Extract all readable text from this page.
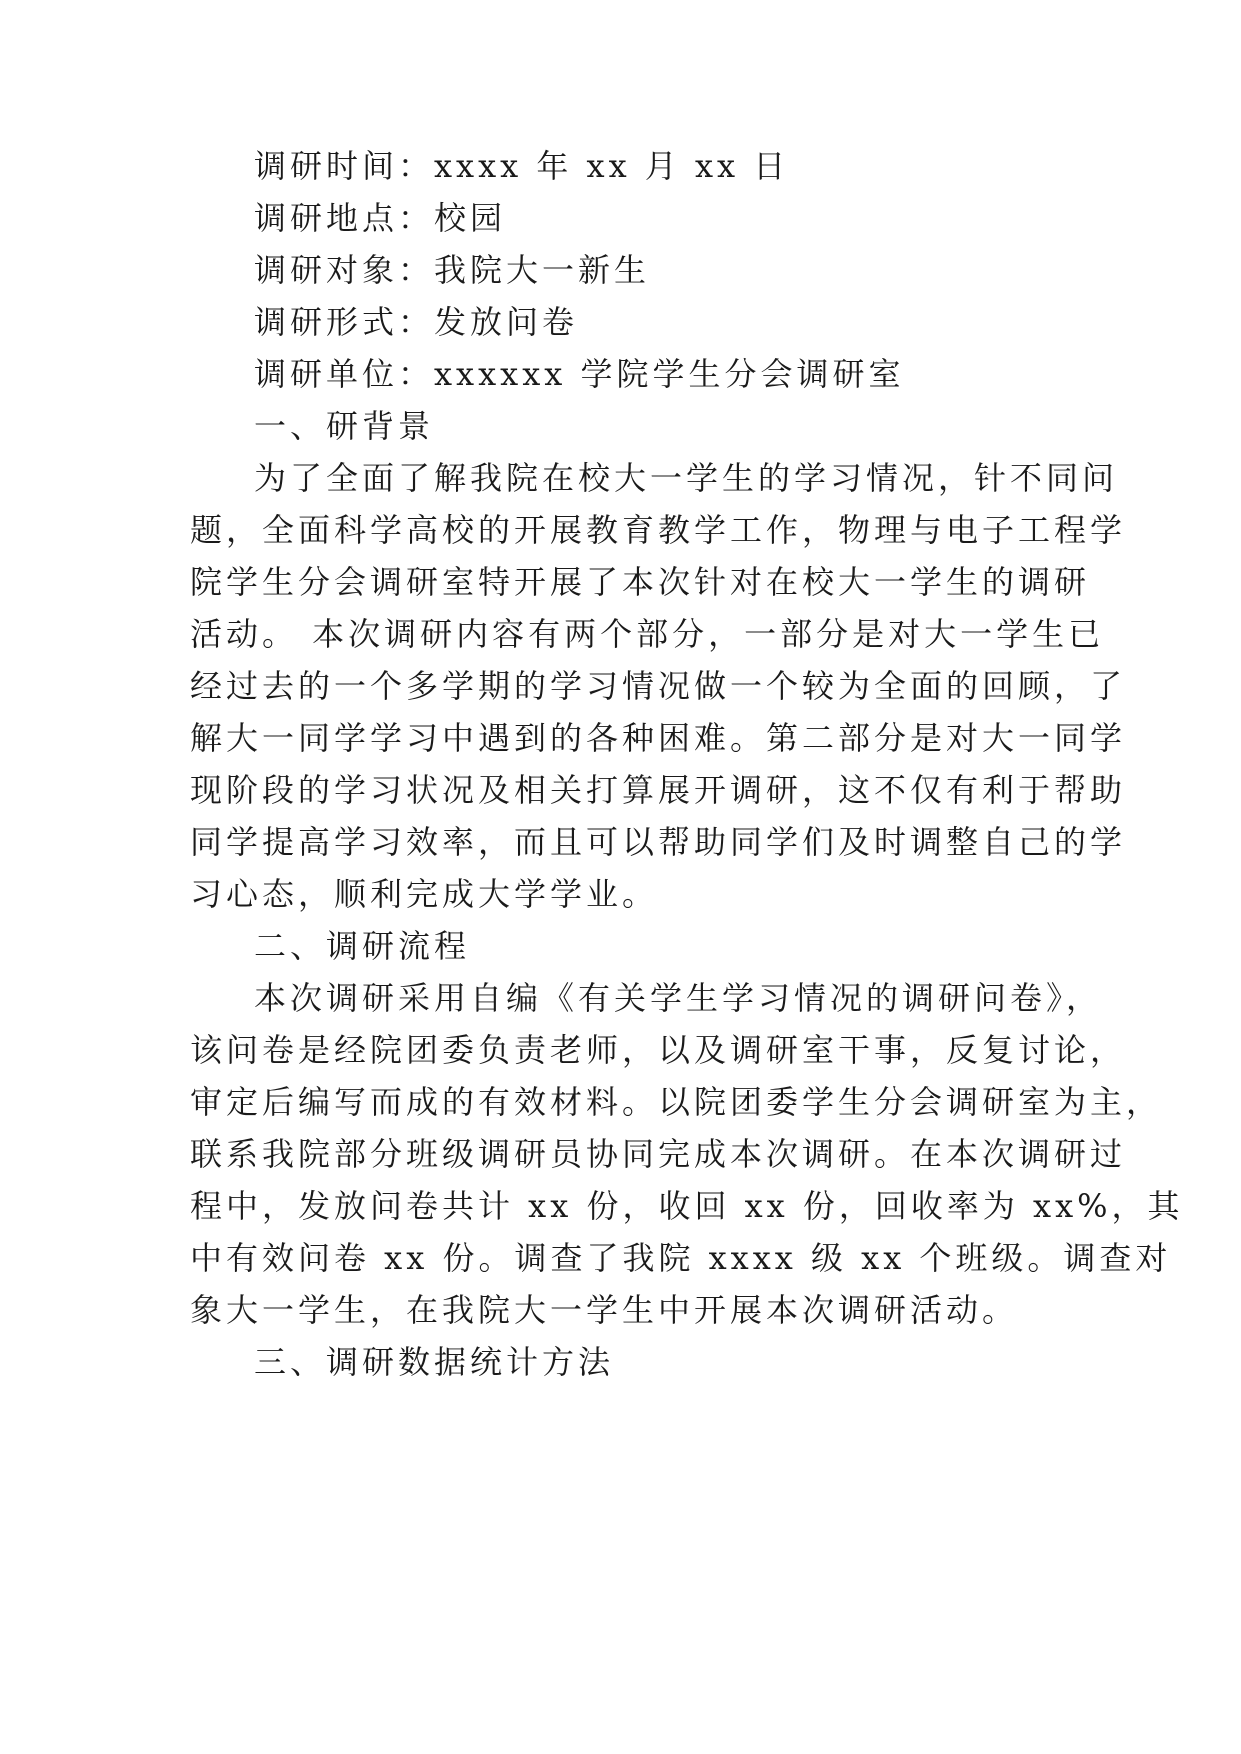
调研时间：xxxx 年 xx 月 xx 日
调研地点：校园
调研对象：我院大一新生
调研形式：发放问卷
调研单位：xxxxxx 学院学生分会调研室
一、研背景
为了全面了解我院在校大一学生的学习情况，针不同问
题，全面科学高校的开展教育教学工作，物理与电子工程学
院学生分会调研室特开展了本次针对在校大一学生的调研
活动。 本次调研内容有两个部分，一部分是对大一学生已
经过去的一个多学期的学习情况做一个较为全面的回顾，了
解大一同学学习中遇到的各种困难。第二部分是对大一同学
现阶段的学习状况及相关打算展开调研，这不仅有利于帮助
同学提高学习效率，而且可以帮助同学们及时调整自己的学
习心态，顺利完成大学学业。
二、调研流程
本次调研采用自编《有关学生学习情况的调研问卷》，
该问卷是经院团委负责老师，以及调研室干事，反复讨论，
审定后编写而成的有效材料。以院团委学生分会调研室为主，
联系我院部分班级调研员协同完成本次调研。在本次调研过
程中，发放问卷共计 xx 份，收回 xx 份，回收率为 xx%，其
中有效问卷 xx 份。调查了我院 xxxx 级 xx 个班级。调查对
象大一学生，在我院大一学生中开展本次调研活动。
三、调研数据统计方法
